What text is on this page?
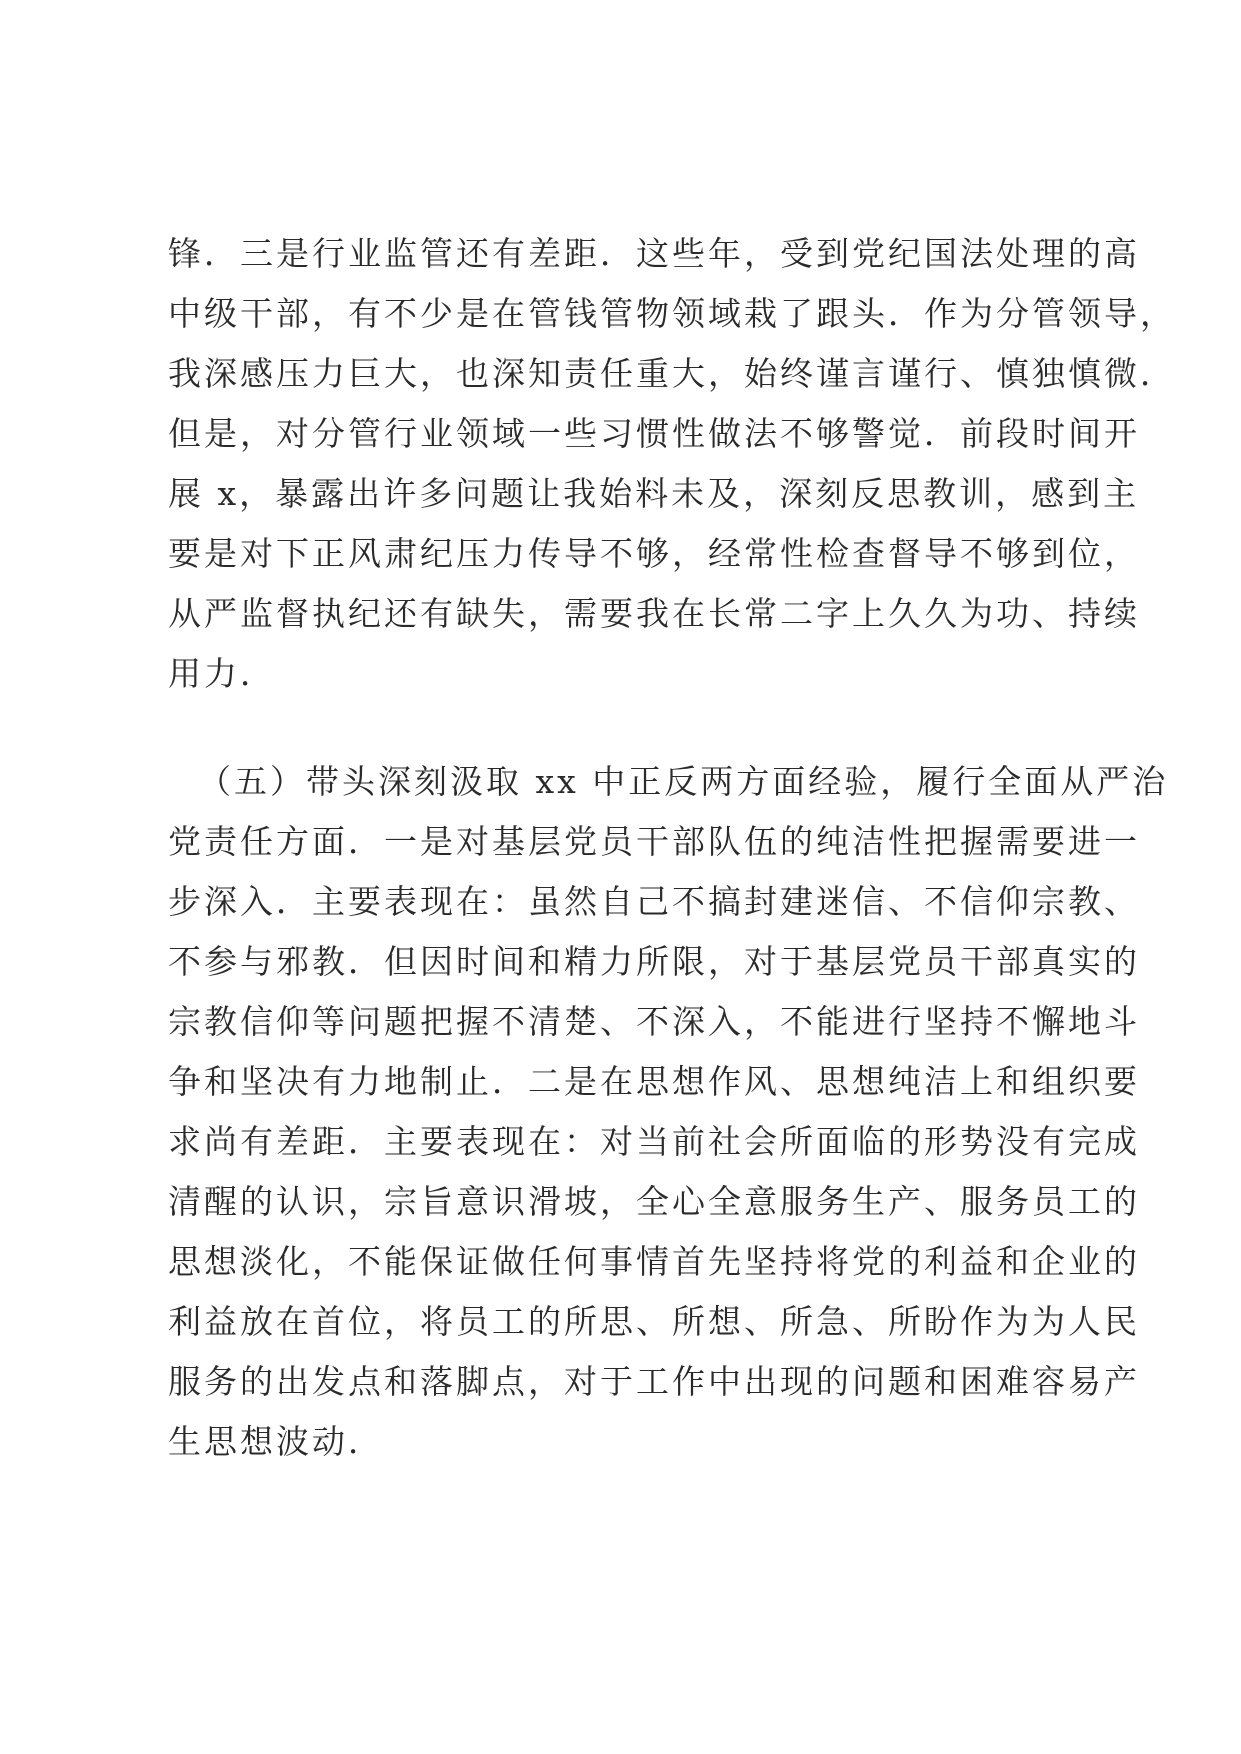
锋．三是行业监管还有差距．这些年，受到党纪国法处理的高
中级干部，有不少是在管钱管物领域栽了跟头．作为分管领导，
我深感压力巨大，也深知责任重大，始终谨言谨行、慎独慎微．
但是，对分管行业领域一些习惯性做法不够警觉．前段时间开
展 x，暴露出许多问题让我始料未及，深刻反思教训，感到主
要是对下正风肃纪压力传导不够，经常性检查督导不够到位，
从严监督执纪还有缺失，需要我在长常二字上久久为功、持续
用力．
（五）带头深刻汲取 xx 中正反两方面经验，履行全面从严治
党责任方面．一是对基层党员干部队伍的纯洁性把握需要进一
步深入．主要表现在：虽然自己不搞封建迷信、不信仰宗教、
不参与邪教．但因时间和精力所限，对于基层党员干部真实的
宗教信仰等问题把握不清楚、不深入，不能进行坚持不懈地斗
争和坚决有力地制止．二是在思想作风、思想纯洁上和组织要
求尚有差距．主要表现在：对当前社会所面临的形势没有完成
清醒的认识，宗旨意识滑坡，全心全意服务生产、服务员工的
思想淡化，不能保证做任何事情首先坚持将党的利益和企业的
利益放在首位，将员工的所思、所想、所急、所盼作为为人民
服务的出发点和落脚点，对于工作中出现的问题和困难容易产
生思想波动．
